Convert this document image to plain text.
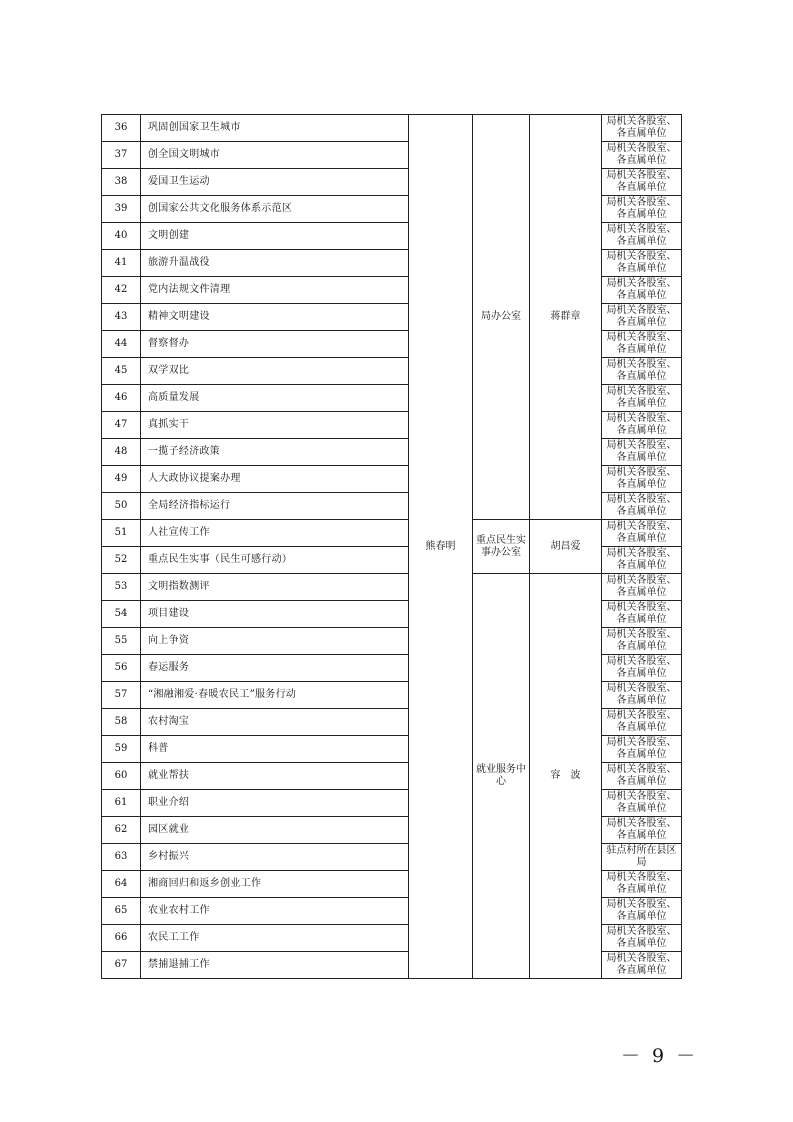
36	巩固创国家卫生城市	熊春明	局办公室	蒋群章	局机关各股室、
各直属单位

37	创全国文明城市				局机关各股室、
各直属单位

38	爱国卫生运动				局机关各股室、
各直属单位

39	创国家公共文化服务体系示范区				局机关各股室、
各直属单位

40	文明创建				局机关各股室、
各直属单位

41	旅游升温战役				局机关各股室、
各直属单位

42	党内法规文件清理				局机关各股室、
各直属单位

43	精神文明建设				局机关各股室、
各直属单位

44	督察督办				局机关各股室、
各直属单位

45	双学双比				局机关各股室、
各直属单位

46	高质量发展				局机关各股室、
各直属单位

47	真抓实干				局机关各股室、
各直属单位

48	一揽子经济政策				局机关各股室、
各直属单位

49	人大政协议提案办理				局机关各股室、
各直属单位

50	全局经济指标运行				局机关各股室、
各直属单位

51	人社宣传工作		重点民生实事办公室	胡昌爱	局机关各股室、
各直属单位

52	重点民生实事（民生可感行动）				局机关各股室、
各直属单位

53	文明指数测评		就业服务中心	容　波	局机关各股室、
各直属单位

54	项目建设				局机关各股室、
各直属单位

55	向上争资				局机关各股室、
各直属单位

56	春运服务				局机关各股室、
各直属单位

57	“湘融湘爱·春暖农民工”服务行动				局机关各股室、
各直属单位

58	农村淘宝				局机关各股室、
各直属单位

59	科普				局机关各股室、
各直属单位

60	就业帮扶				局机关各股室、
各直属单位

61	职业介绍				局机关各股室、
各直属单位

62	园区就业				局机关各股室、
各直属单位

63	乡村振兴				驻点村所在县区
局

64	湘商回归和返乡创业工作				局机关各股室、
各直属单位

65	农业农村工作				局机关各股室、
各直属单位

66	农民工工作				局机关各股室、
各直属单位

67	禁捕退捕工作				局机关各股室、
各直属单位
－ 9 －
